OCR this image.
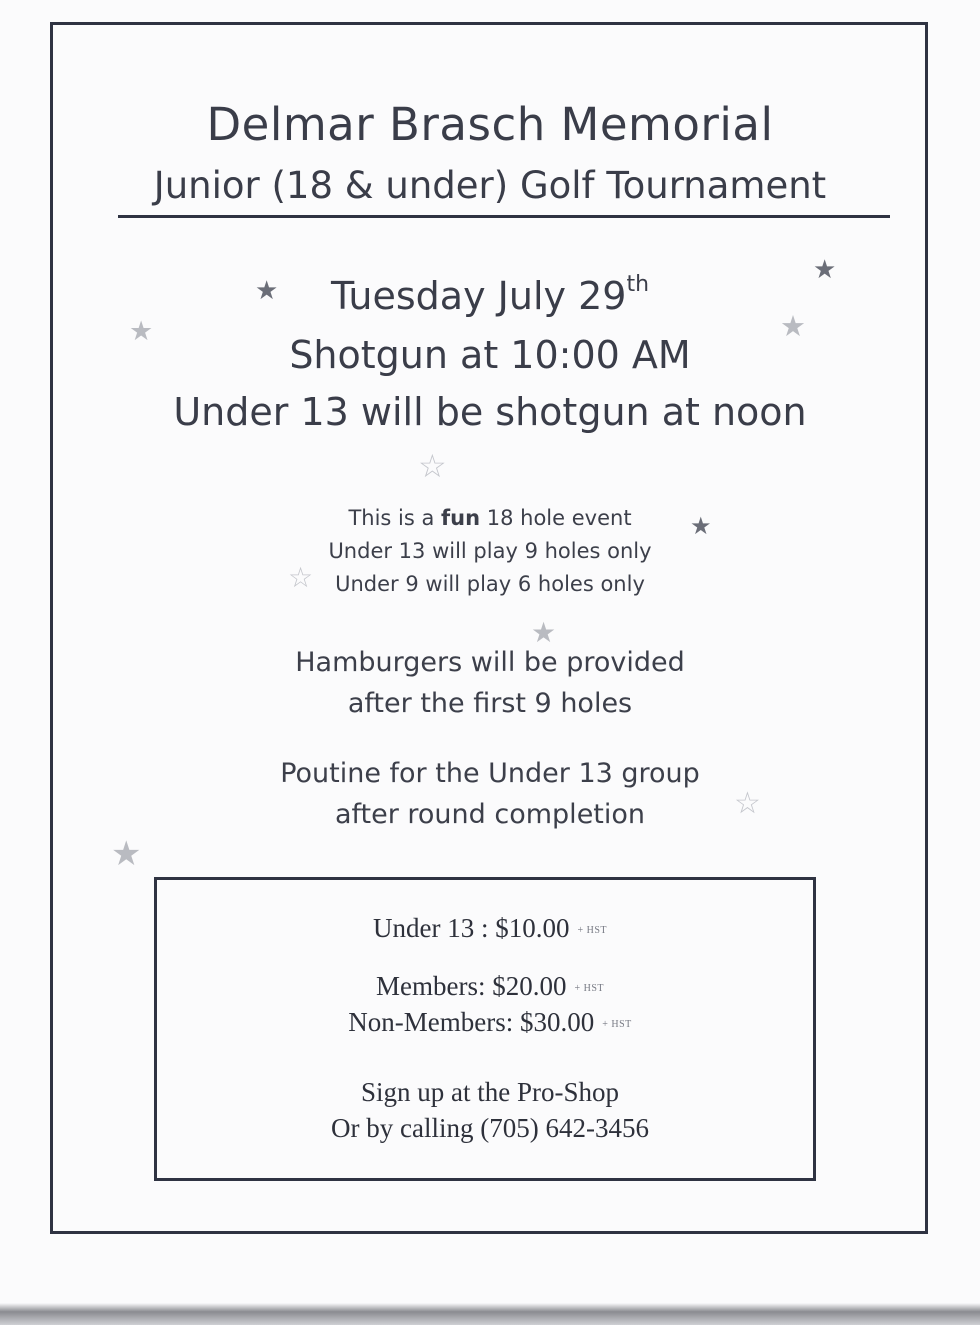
Delmar Brasch Memorial
Junior (18 & under) Golf Tournament
Tuesday July 29th
Shotgun at 10:00 AM
Under 13 will be shotgun at noon
This is a fun 18 hole event
Under 13 will play 9 holes only
Under 9 will play 6 holes only
Hamburgers will be provided
after the first 9 holes
Poutine for the Under 13 group
after round completion
Under 13 : $10.00 + HST
Members: $20.00 + HST
Non-Members: $30.00 + HST
Sign up at the Pro-Shop
Or by calling (705) 642-3456
★
★
★	★
☆
★
☆
★
☆
★
